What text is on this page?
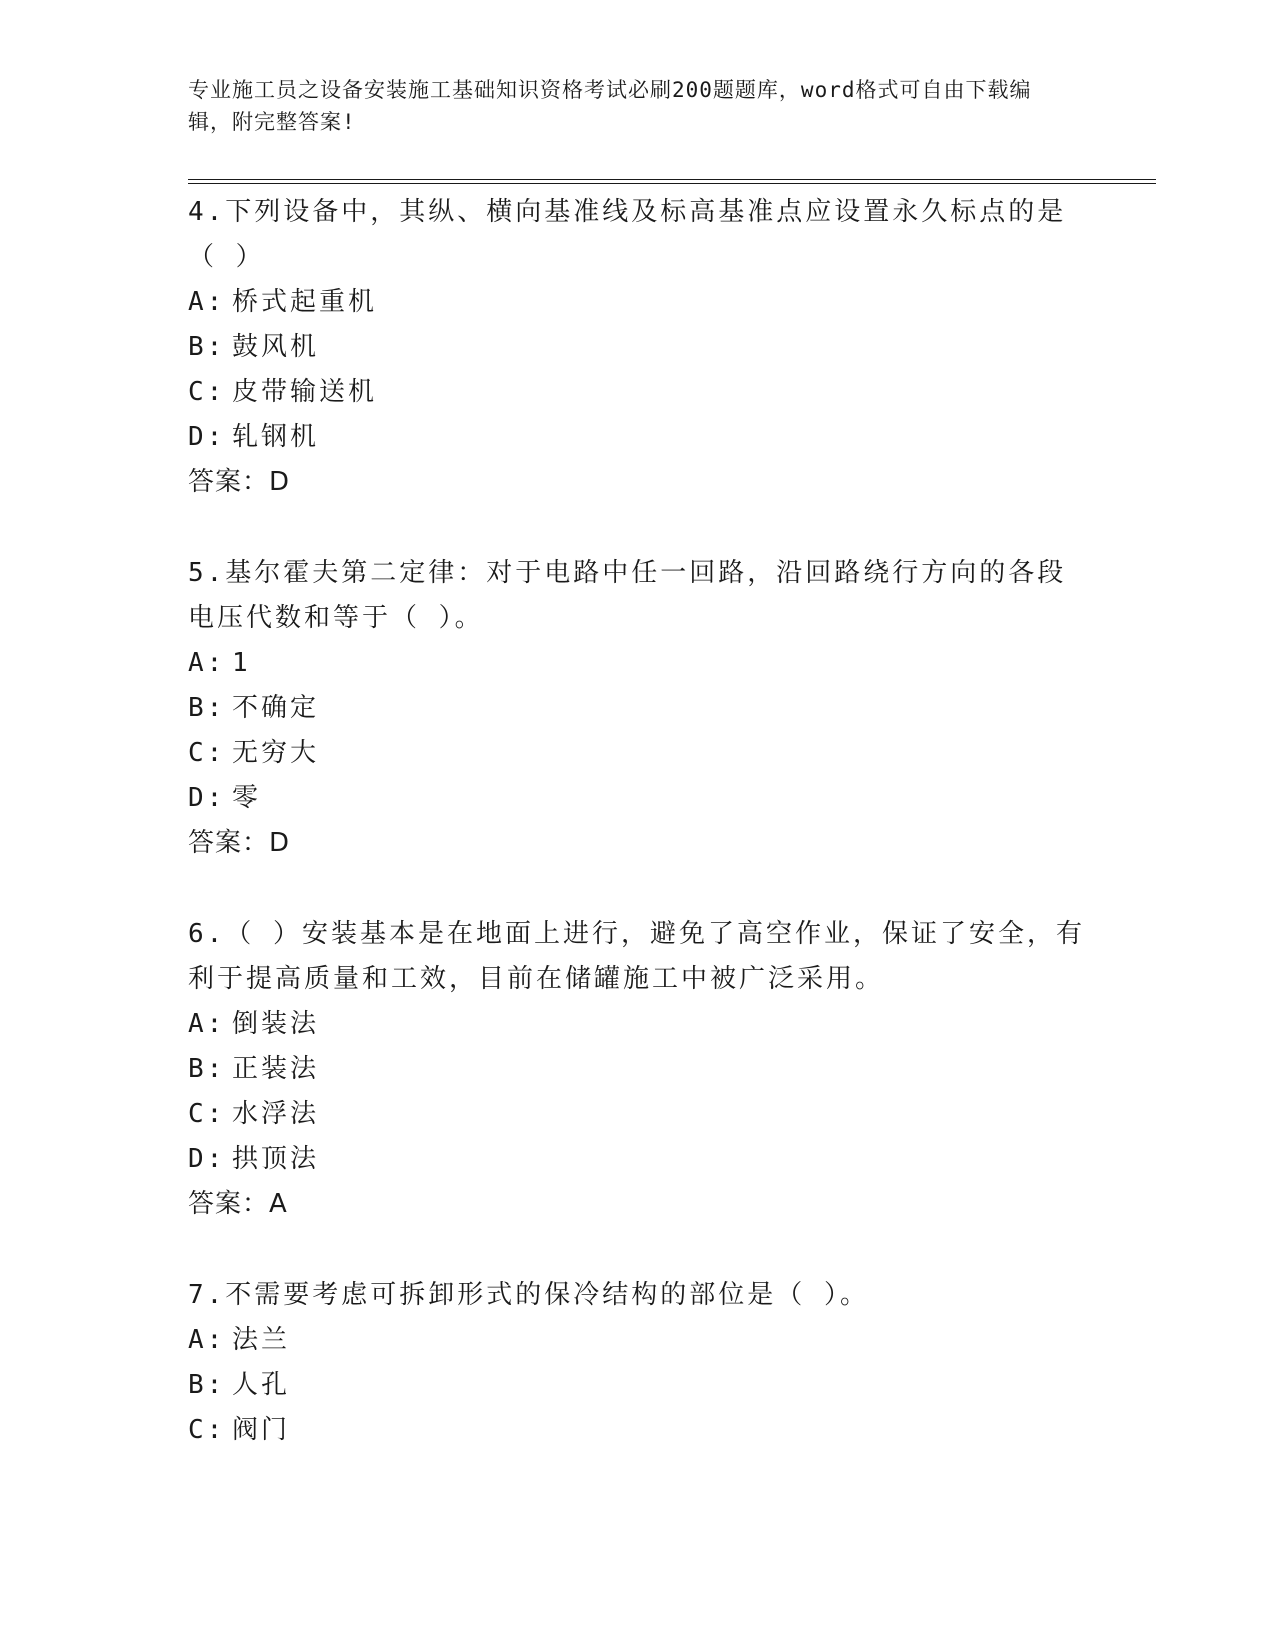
专业施工员之设备安装施工基础知识资格考试必刷200题题库，word格式可自由下载编辑，附完整答案!

4.下列设备中，其纵、横向基准线及标高基准点应设置永久标点的是（ ）

A: 桥式起重机

B: 鼓风机

C: 皮带输送机

D: 轧钢机

答案：D

5.基尔霍夫第二定律：对于电路中任一回路，沿回路绕行方向的各段电压代数和等于（ ）。

A: 1

B: 不确定

C: 无穷大

D: 零

答案：D

6.（ ）安装基本是在地面上进行，避免了高空作业，保证了安全，有利于提高质量和工效，目前在储罐施工中被广泛采用。

A: 倒装法

B: 正装法

C: 水浮法

D: 拱顶法

答案：A

7.不需要考虑可拆卸形式的保冷结构的部位是（ ）。

A: 法兰

B: 人孔

C: 阀门
